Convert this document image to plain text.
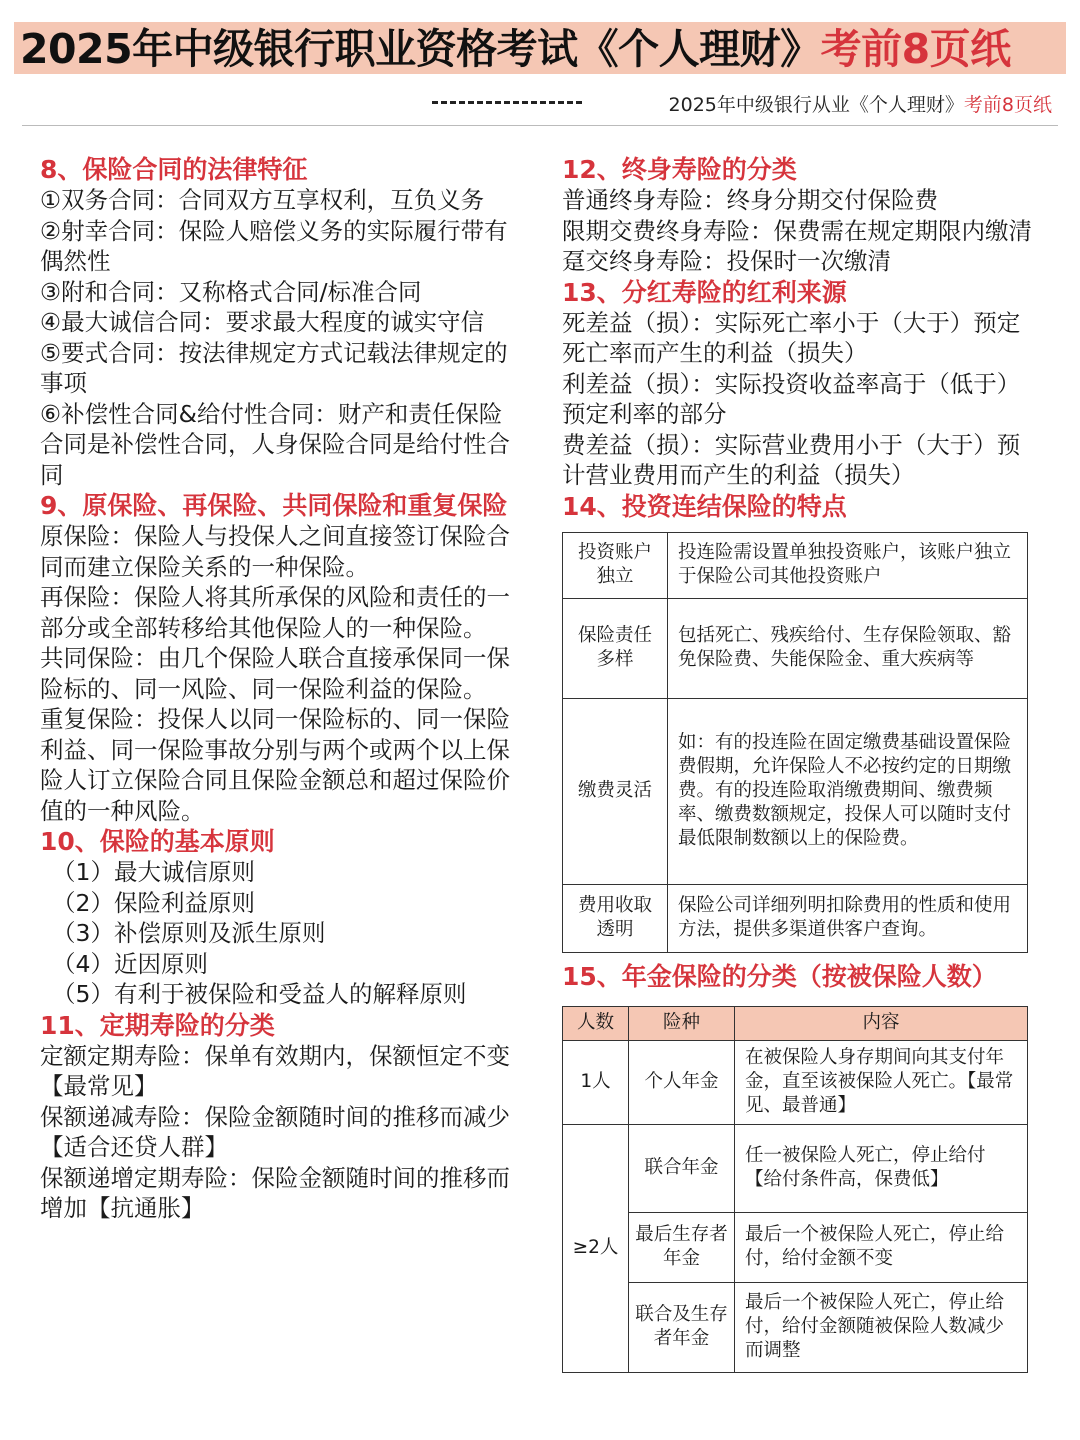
2025年中级银行职业资格考试《个人理财》考前8页纸
2025年中级银行从业《个人理财》考前8页纸
8、保险合同的法律特征
①双务合同：合同双方互享权利，互负义务
②射幸合同：保险人赔偿义务的实际履行带有偶然性
③附和合同：又称格式合同/标准合同
④最大诚信合同：要求最大程度的诚实守信
⑤要式合同：按法律规定方式记载法律规定的事项
⑥补偿性合同&给付性合同：财产和责任保险合同是补偿性合同，人身保险合同是给付性合同
9、原保险、再保险、共同保险和重复保险
原保险：保险人与投保人之间直接签订保险合同而建立保险关系的一种保险。
再保险：保险人将其所承保的风险和责任的一部分或全部转移给其他保险人的一种保险。
共同保险：由几个保险人联合直接承保同一保险标的、同一风险、同一保险利益的保险。
重复保险：投保人以同一保险标的、同一保险利益、同一保险事故分别与两个或两个以上保险人订立保险合同且保险金额总和超过保险价值的一种风险。
10、保险的基本原则
（1）最大诚信原则
（2）保险利益原则
（3）补偿原则及派生原则
（4）近因原则
（5）有利于被保险和受益人的解释原则
11、定期寿险的分类
定额定期寿险：保单有效期内，保额恒定不变【最常见】
保额递减寿险：保险金额随时间的推移而减少【适合还贷人群】
保额递增定期寿险：保险金额随时间的推移而增加【抗通胀】
12、终身寿险的分类
普通终身寿险：终身分期交付保险费
限期交费终身寿险：保费需在规定期限内缴清
趸交终身寿险：投保时一次缴清
13、分红寿险的红利来源
死差益（损）：实际死亡率小于（大于）预定死亡率而产生的利益（损失）
利差益（损）：实际投资收益率高于（低于）预定利率的部分
费差益（损）：实际营业费用小于（大于）预计营业费用而产生的利益（损失）
14、投资连结保险的特点
投资账户独立	投连险需设置单独投资账户，该账户独立于保险公司其他投资账户
保险责任多样	包括死亡、残疾给付、生存保险领取、豁免保险费、失能保险金、重大疾病等
缴费灵活	如：有的投连险在固定缴费基础设置保险费假期，允许保险人不必按约定的日期缴费。有的投连险取消缴费期间、缴费频率、缴费数额规定，投保人可以随时支付最低限制数额以上的保险费。
费用收取透明	保险公司详细列明扣除费用的性质和使用方法，提供多渠道供客户查询。
15、年金保险的分类（按被保险人数）
人数	险种	内容
1人	个人年金	在被保险人身存期间向其支付年金，直至该被保险人死亡。【最常见、最普通】
≥2人	联合年金	任一被保险人死亡，停止给付【给付条件高，保费低】
	最后生存者年金	最后一个被保险人死亡，停止给付，给付金额不变
	联合及生存者年金	最后一个被保险人死亡，停止给付，给付金额随被保险人数减少而调整
